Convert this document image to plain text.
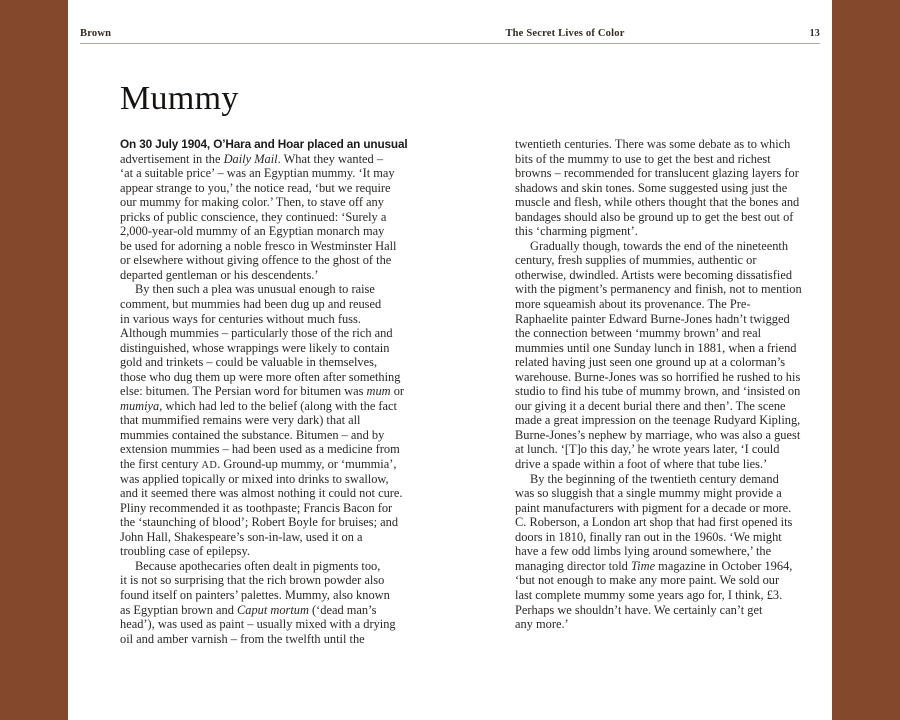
Brown	The Secret Lives of Color	13
Mummy
On 30 July 1904, O’Hara and Hoar placed an unusual
advertisement in the Daily Mail. What they wanted –
‘at a suitable price’ – was an Egyptian mummy. ‘It may
appear strange to you,’ the notice read, ‘but we require
our mummy for making color.’ Then, to stave off any
pricks of public conscience, they continued: ‘Surely a
2,000-year-old mummy of an Egyptian monarch may
be used for adorning a noble fresco in Westminster Hall
or elsewhere without giving offence to the ghost of the
departed gentleman or his descendents.’
By then such a plea was unusual enough to raise
comment, but mummies had been dug up and reused
in various ways for centuries without much fuss.
Although mummies – particularly those of the rich and
distinguished, whose wrappings were likely to contain
gold and trinkets – could be valuable in themselves,
those who dug them up were more often after something
else: bitumen. The Persian word for bitumen was mum or
mumiya, which had led to the belief (along with the fact
that mummified remains were very dark) that all
mummies contained the substance. Bitumen – and by
extension mummies – had been used as a medicine from
the first century AD. Ground-up mummy, or ‘mummia’,
was applied topically or mixed into drinks to swallow,
and it seemed there was almost nothing it could not cure.
Pliny recommended it as toothpaste; Francis Bacon for
the ‘staunching of blood’; Robert Boyle for bruises; and
John Hall, Shakespeare’s son-in-law, used it on a
troubling case of epilepsy.
Because apothecaries often dealt in pigments too,
it is not so surprising that the rich brown powder also
found itself on painters’ palettes. Mummy, also known
as Egyptian brown and Caput mortum (‘dead man’s
head’), was used as paint – usually mixed with a drying
oil and amber varnish – from the twelfth until the
twentieth centuries. There was some debate as to which
bits of the mummy to use to get the best and richest
browns – recommended for translucent glazing layers for
shadows and skin tones. Some suggested using just the
muscle and flesh, while others thought that the bones and
bandages should also be ground up to get the best out of
this ‘charming pigment’.
Gradually though, towards the end of the nineteenth
century, fresh supplies of mummies, authentic or
otherwise, dwindled. Artists were becoming dissatisfied
with the pigment’s permanency and finish, not to mention
more squeamish about its provenance. The Pre-
Raphaelite painter Edward Burne-Jones hadn’t twigged
the connection between ‘mummy brown’ and real
mummies until one Sunday lunch in 1881, when a friend
related having just seen one ground up at a colorman’s
warehouse. Burne-Jones was so horrified he rushed to his
studio to find his tube of mummy brown, and ‘insisted on
our giving it a decent burial there and then’. The scene
made a great impression on the teenage Rudyard Kipling,
Burne-Jones’s nephew by marriage, who was also a guest
at lunch. ‘[T]o this day,’ he wrote years later, ‘I could
drive a spade within a foot of where that tube lies.’
By the beginning of the twentieth century demand
was so sluggish that a single mummy might provide a
paint manufacturers with pigment for a decade or more.
C. Roberson, a London art shop that had first opened its
doors in 1810, finally ran out in the 1960s. ‘We might
have a few odd limbs lying around somewhere,’ the
managing director told Time magazine in October 1964,
‘but not enough to make any more paint. We sold our
last complete mummy some years ago for, I think, £3.
Perhaps we shouldn’t have. We certainly can’t get
any more.’
